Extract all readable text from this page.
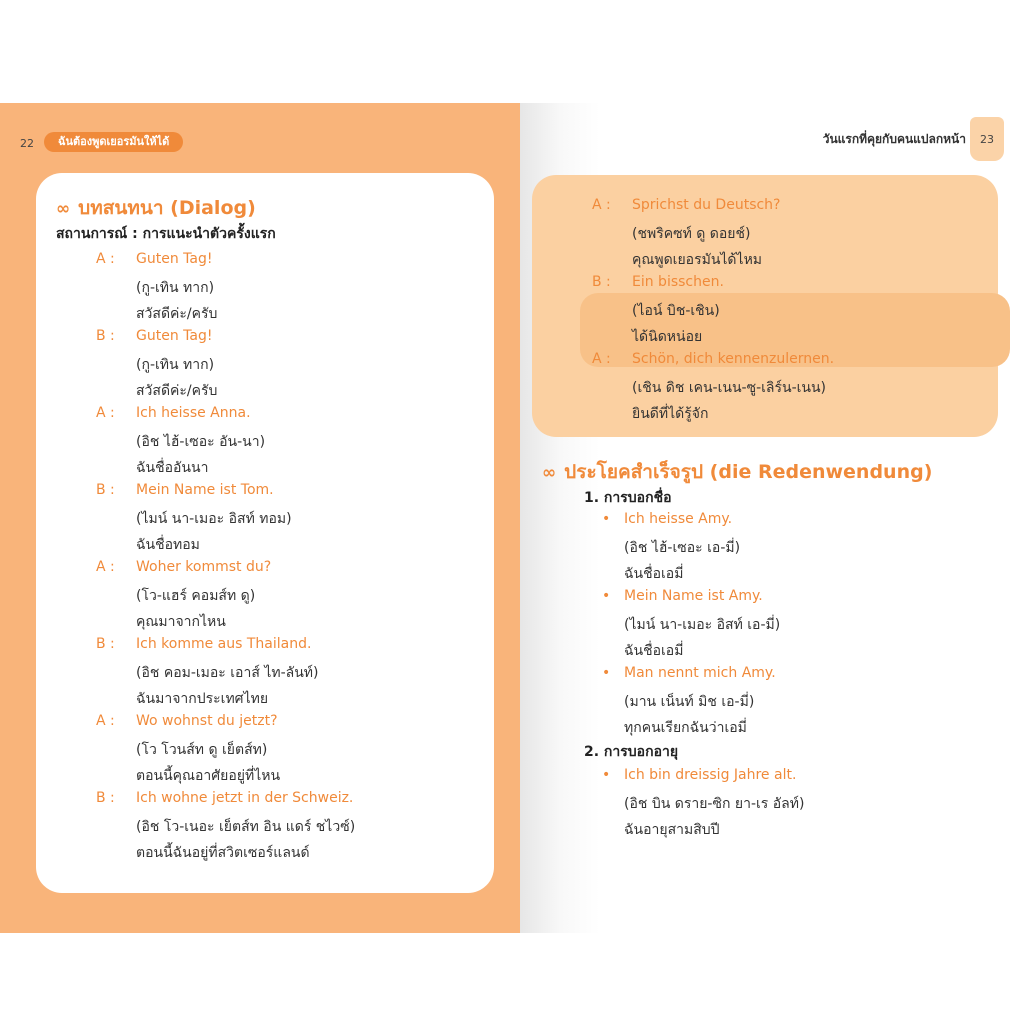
22	ฉันต้องพูดเยอรมันให้ได้
∞ บทสนทนา (Dialog)
สถานการณ์ : การแนะนำตัวครั้งแรก
A : Guten Tag!
(กู-เทิน ทาก)
สวัสดีค่ะ/ครับ
B : Guten Tag!
(กู-เทิน ทาก)
สวัสดีค่ะ/ครับ
A : Ich heisse Anna.
(อิช ไฮ้-เซอะ อัน-นา)
ฉันชื่ออันนา
B : Mein Name ist Tom.
(ไมน์ นา-เมอะ อิสท์ ทอม)
ฉันชื่อทอม
A : Woher kommst du?
(โว-แฮร์ คอมส์ท ดู)
คุณมาจากไหน
B : Ich komme aus Thailand.
(อิช คอม-เมอะ เอาส์ ไท-ลันท์)
ฉันมาจากประเทศไทย
A : Wo wohnst du jetzt?
(โว โวนส์ท ดู เย็ตส์ท)
ตอนนี้คุณอาศัยอยู่ที่ไหน
B : Ich wohne jetzt in der Schweiz.
(อิช โว-เนอะ เย็ตส์ท อิน แดร์ ชไวซ์)
ตอนนี้ฉันอยู่ที่สวิตเซอร์แลนด์
วันแรกที่คุยกับคนแปลกหน้า 23
A : Sprichst du Deutsch?
(ชพริคซท์ ดู ดอยช์)
คุณพูดเยอรมันได้ไหม
B : Ein bisschen.
(ไอน์ บิช-เชิน)
ได้นิดหน่อย
A : Schön, dich kennenzulernen.
(เชิน ดิช เคน-เนน-ซู-เลิร์น-เนน)
ยินดีที่ได้รู้จัก
∞ ประโยคสำเร็จรูป (die Redenwendung)
1. การบอกชื่อ
• Ich heisse Amy.
(อิช ไฮ้-เซอะ เอ-มี่)
ฉันชื่อเอมี่
• Mein Name ist Amy.
(ไมน์ นา-เมอะ อิสท์ เอ-มี่)
ฉันชื่อเอมี่
• Man nennt mich Amy.
(มาน เน็นท์ มิช เอ-มี่)
ทุกคนเรียกฉันว่าเอมี่
2. การบอกอายุ
• Ich bin dreissig Jahre alt.
(อิช บิน ดราย-ซิก ยา-เร อัลท์)
ฉันอายุสามสิบปี
